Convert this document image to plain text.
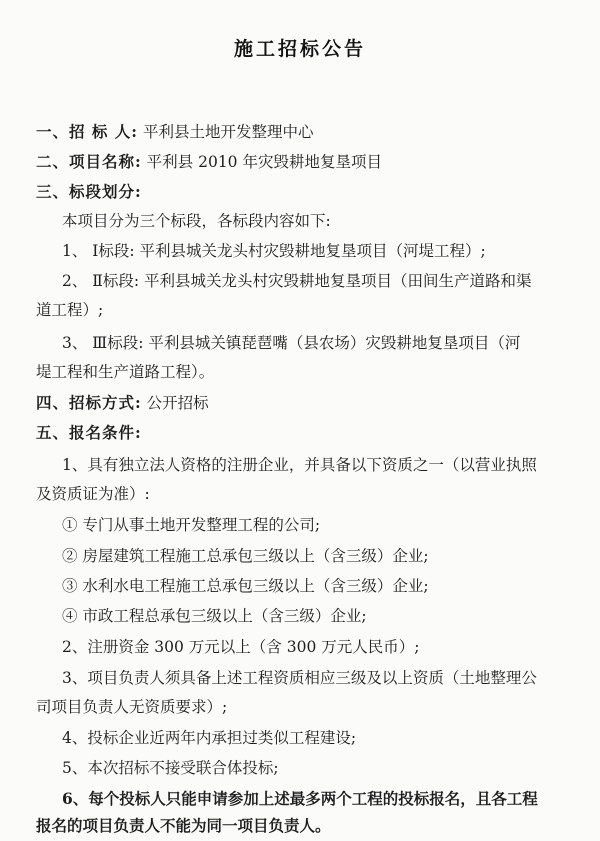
施工招标公告
一、招 标 人: 平利县土地开发整理中心
二、项目名称: 平利县 2010 年灾毁耕地复垦项目
三、标段划分:
本项目分为三个标段，各标段内容如下:
1、 Ⅰ标段: 平利县城关龙头村灾毁耕地复垦项目（河堤工程）;
2、 Ⅱ标段: 平利县城关龙头村灾毁耕地复垦项目（田间生产道路和渠
道工程）;
3、 Ⅲ标段: 平利县城关镇琵琶嘴（县农场）灾毁耕地复垦项目（河
堤工程和生产道路工程）。
四、招标方式: 公开招标
五、报名条件:
1、具有独立法人资格的注册企业，并具备以下资质之一（以营业执照
及资质证为准）:
① 专门从事土地开发整理工程的公司;
② 房屋建筑工程施工总承包三级以上（含三级）企业;
③ 水利水电工程施工总承包三级以上（含三级）企业;
④ 市政工程总承包三级以上（含三级）企业;
2、注册资金 300 万元以上（含 300 万元人民币）;
3、项目负责人须具备上述工程资质相应三级及以上资质（土地整理公
司项目负责人无资质要求）;
4、投标企业近两年内承担过类似工程建设;
5、本次招标不接受联合体投标;
6、每个投标人只能申请参加上述最多两个工程的投标报名，且各工程
报名的项目负责人不能为同一项目负责人。
